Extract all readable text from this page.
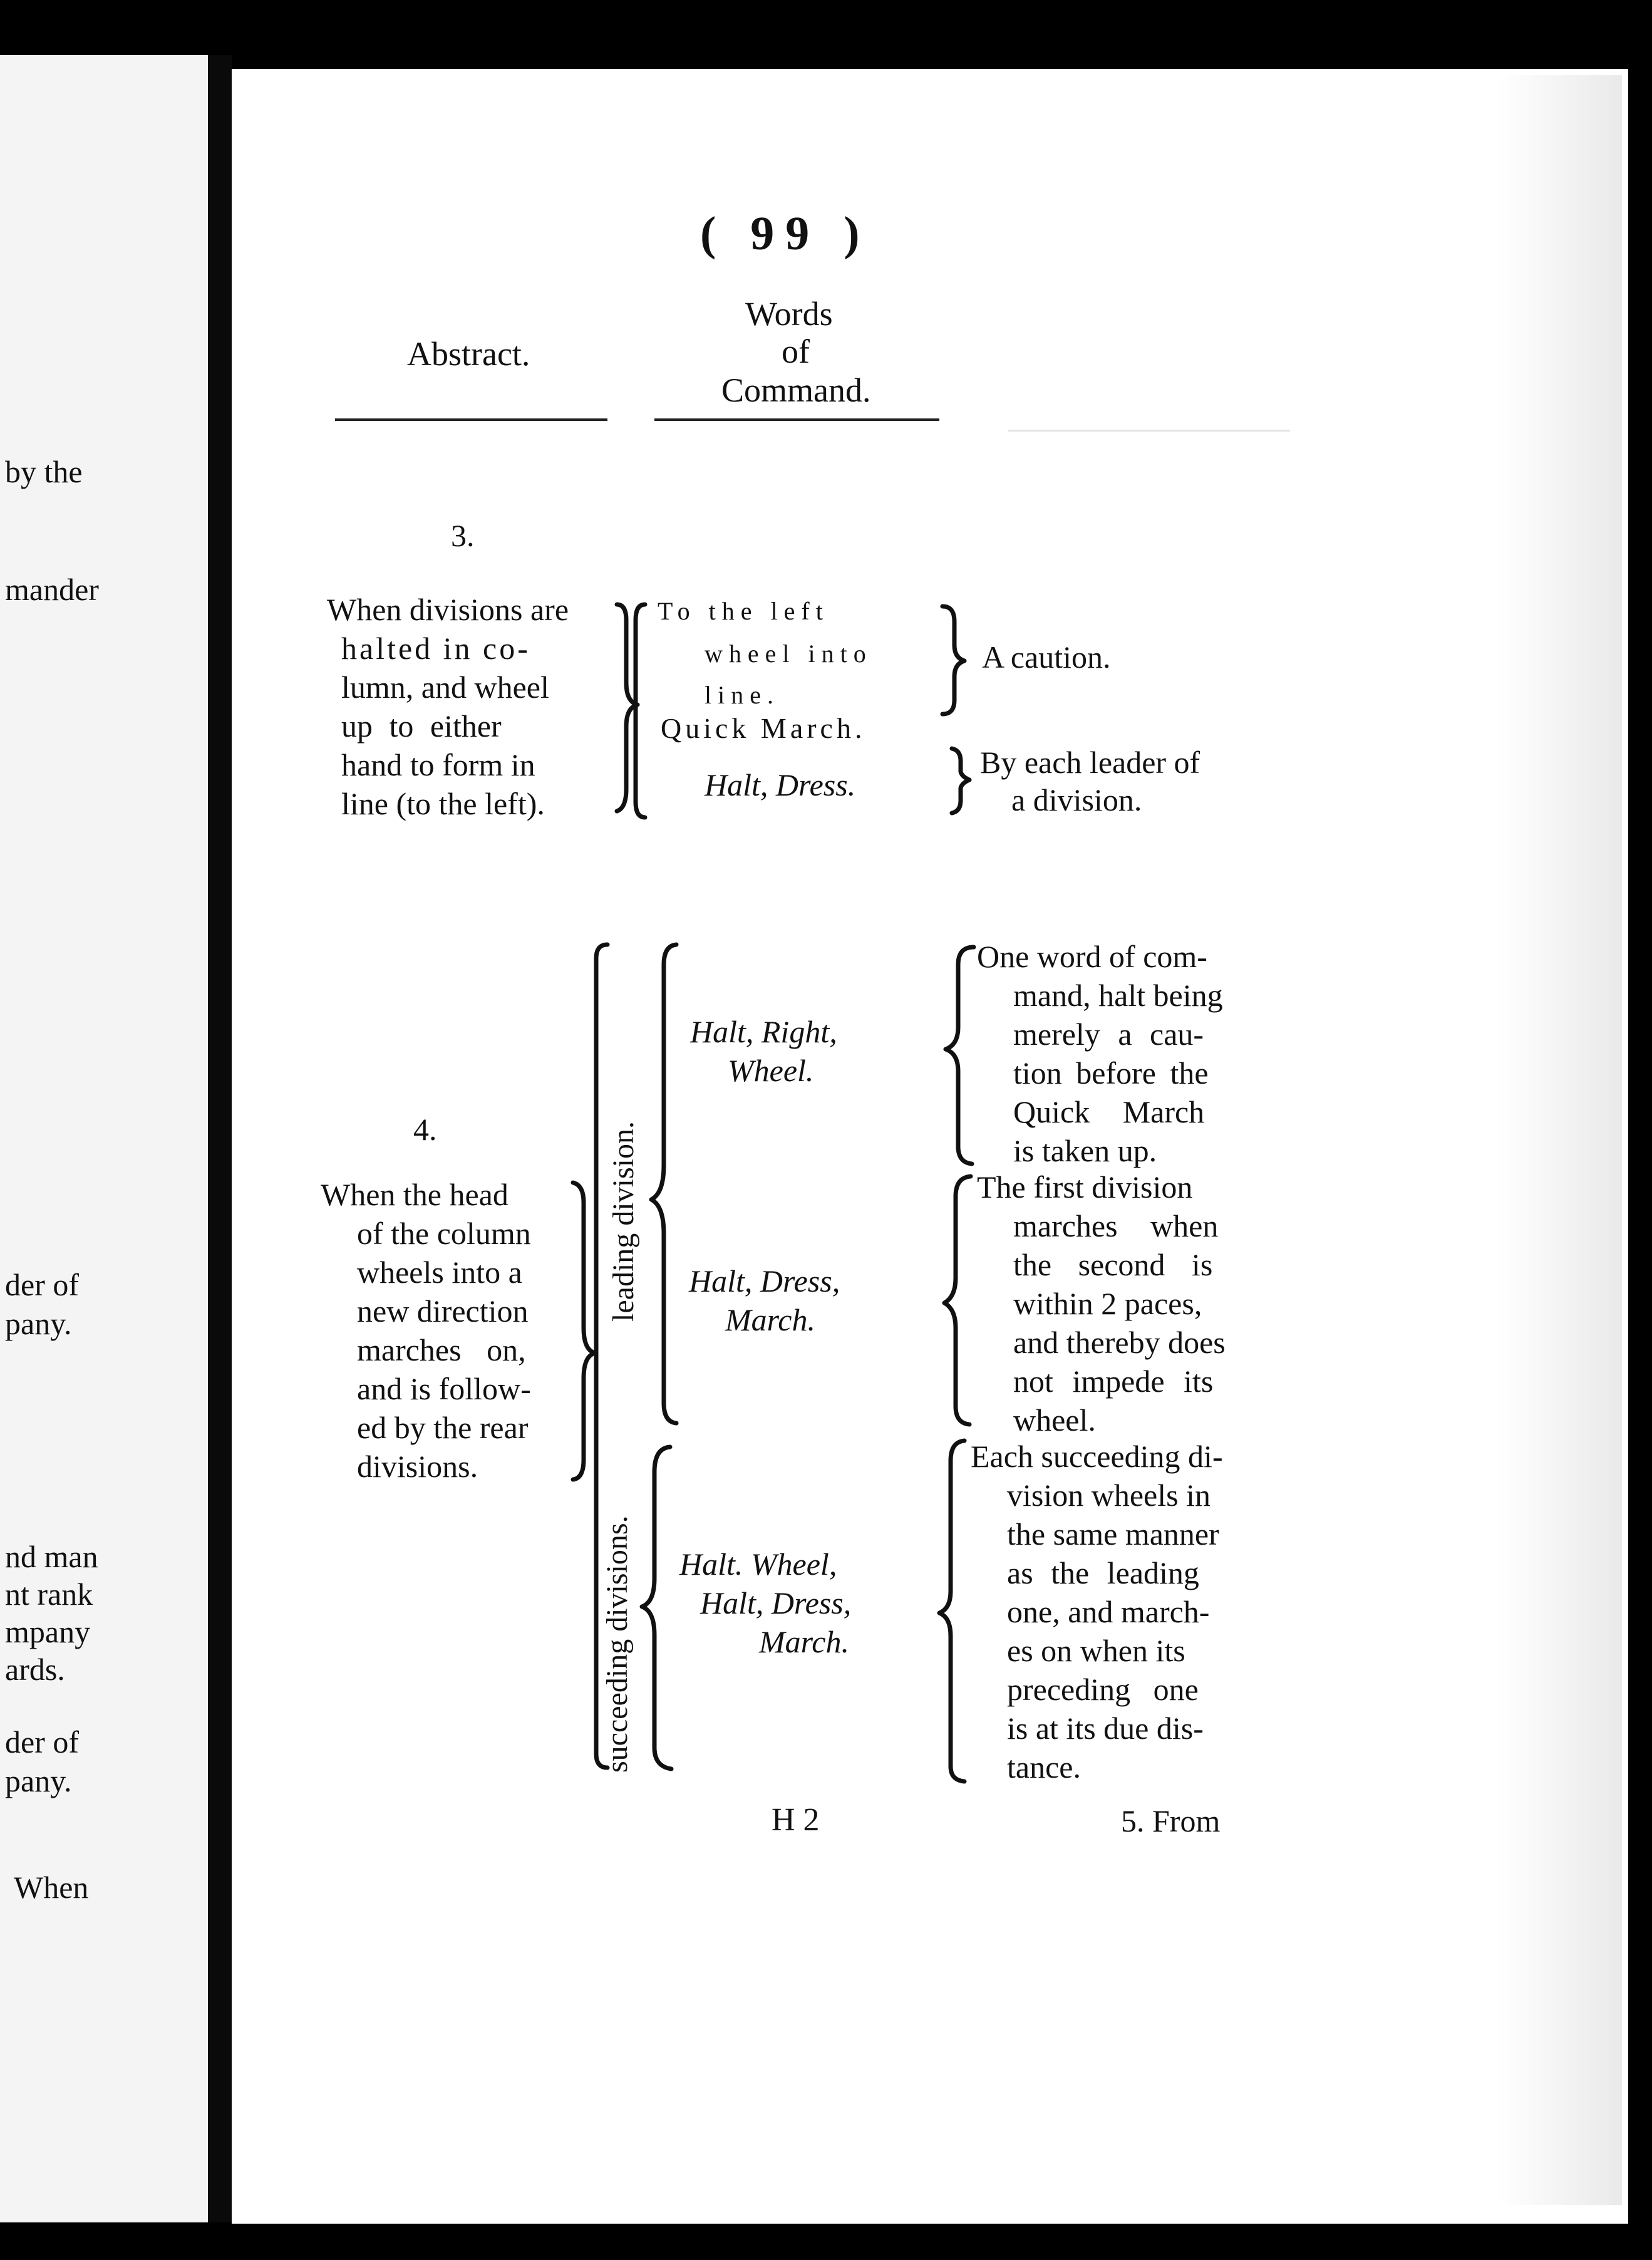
by the
mander
der of
pany.
nd man
nt rank
mpany
ards.
der of
pany.
When
( 99 )
Abstract.
Words
of
Command.
3.
When divisions are
halted in co-
lumn, and wheel
up to either
hand to form in
line (to the left).
To the left
wheel into
line.
Quick March.
Halt, Dress.
A caution.
By each leader of
a division.
4.
When the head
of the column
wheels into a
new direction
marches on,
and is follow-
ed by the rear
divisions.
leading division.
succeeding divisions.
Halt, Right,
Wheel.
Halt, Dress,
March.
Halt. Wheel,
Halt, Dress,
March.
One word of com-
mand, halt being
merely a cau-
tion before the
Quick March
is taken up.
The first division
marches when
the second is
within 2 paces,
and thereby does
not impede its
wheel.
Each succeeding di-
vision wheels in
the same manner
as the leading
one, and march-
es on when its
preceding one
is at its due dis-
tance.
H 2	5. From
